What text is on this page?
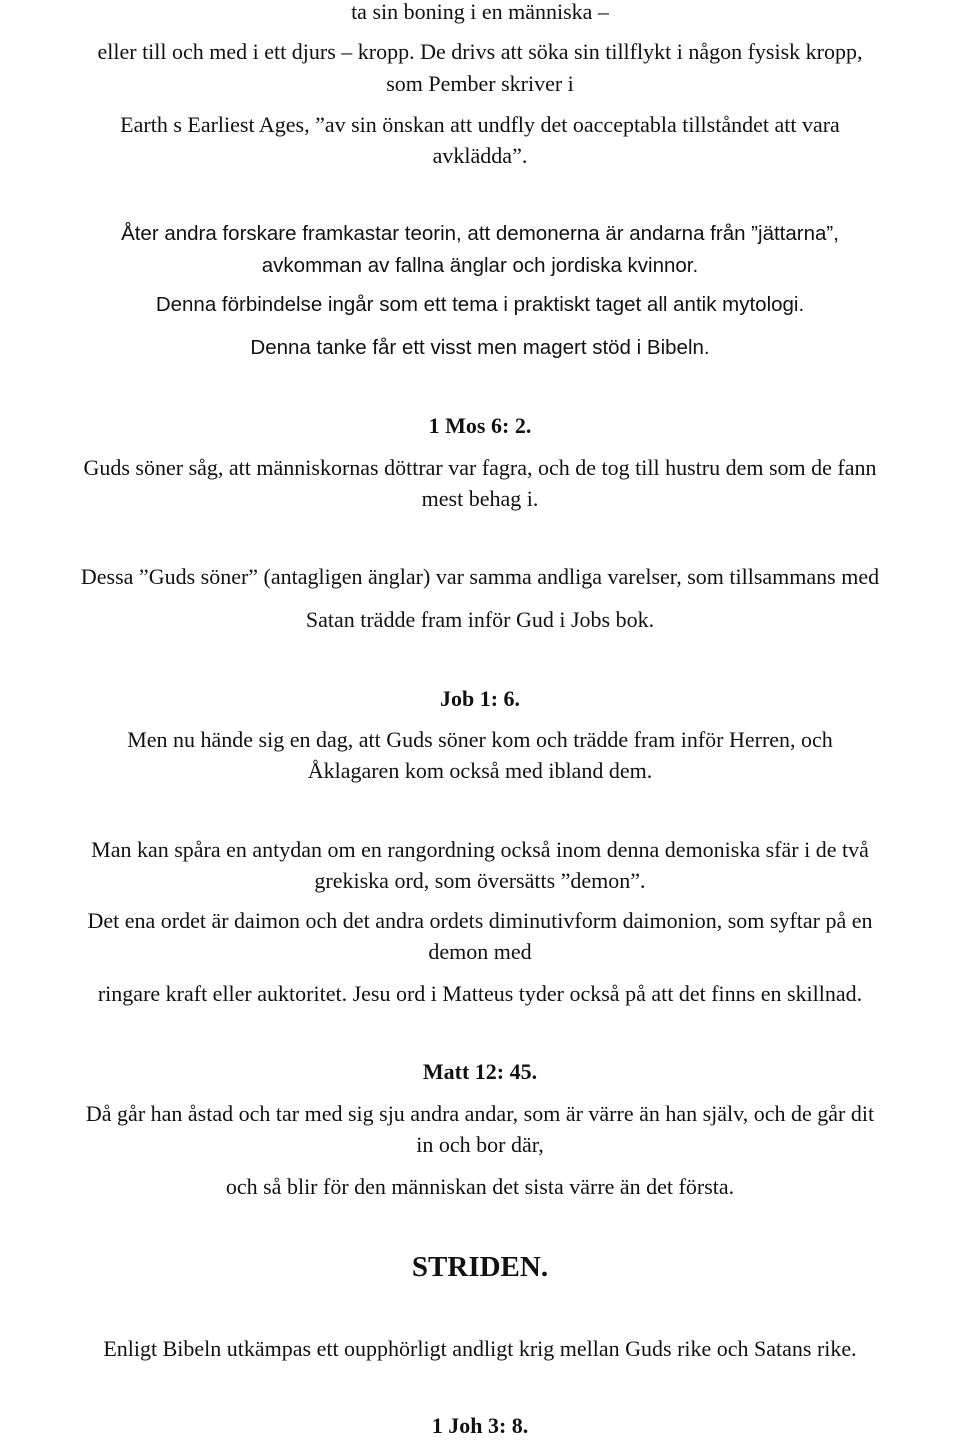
ta sin boning i en människa –
eller till och med i ett djurs – kropp. De drivs att söka sin tillflykt i någon fysisk kropp,
som Pember skriver i
Earth s Earliest Ages, ”av sin önskan att undfly det oacceptabla tillståndet att vara
avklädda”.
Åter andra forskare framkastar teorin, att demonerna är andarna från ”jättarna”,
avkomman av fallna änglar och jordiska kvinnor.
Denna förbindelse ingår som ett tema i praktiskt taget all antik mytologi.
Denna tanke får ett visst men magert stöd i Bibeln.
1 Mos 6: 2.
Guds söner såg, att människornas döttrar var fagra, och de tog till hustru dem som de fann
mest behag i.
Dessa ”Guds söner” (antagligen änglar) var samma andliga varelser, som tillsammans med
Satan trädde fram inför Gud i Jobs bok.
Job 1: 6.
Men nu hände sig en dag, att Guds söner kom och trädde fram inför Herren, och
Åklagaren kom också med ibland dem.
Man kan spåra en antydan om en rangordning också inom denna demoniska sfär i de två
grekiska ord, som översätts ”demon”.
Det ena ordet är daimon och det andra ordets diminutivform daimonion, som syftar på en
demon med
ringare kraft eller auktoritet. Jesu ord i Matteus tyder också på att det finns en skillnad.
Matt 12: 45.
Då går han åstad och tar med sig sju andra andar, som är värre än han själv, och de går dit
in och bor där,
och så blir för den människan det sista värre än det första.
STRIDEN.
Enligt Bibeln utkämpas ett oupphörligt andligt krig mellan Guds rike och Satans rike.
1 Joh 3: 8.
